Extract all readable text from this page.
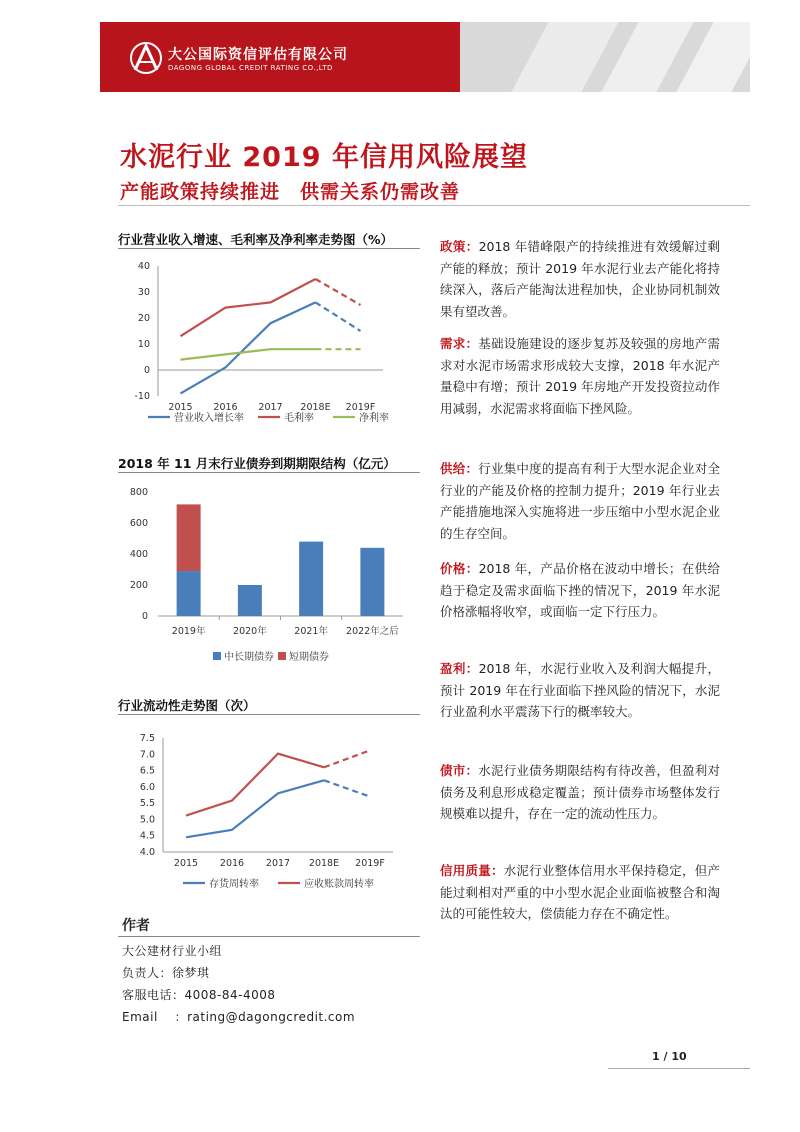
大公国际资信评估有限公司
DAGONG GLOBAL CREDIT RATING CO.,LTD
水泥行业 2019 年信用风险展望
产能政策持续推进　供需关系仍需改善
行业营业收入增速、毛利率及净利率走势图（%）
-10
0
10
20
30
40
2015 2016 2017 2018E 2019F
营业收入增长率	毛利率	净利率
2018 年 11 月末行业债券到期期限结构（亿元）
0
200
400
600
800
2019年	2020年	2021年 2022年之后
中长期债券 短期债券
行业流动性走势图（次）
4.0
4.5
5.0
5.5
6.0
6.5
7.0
7.5
2015 2016 2017 2018E 2019F
存货周转率	应收账款周转率
政策：2018 年错峰限产的持续推进有效缓解过剩产能的释放；预计 2019 年水泥行业去产能化将持续深入，落后产能淘汰进程加快，企业协同机制效果有望改善。
需求：基础设施建设的逐步复苏及较强的房地产需求对水泥市场需求形成较大支撑，2018 年水泥产量稳中有增；预计 2019 年房地产开发投资拉动作用减弱，水泥需求将面临下挫风险。
供给：行业集中度的提高有利于大型水泥企业对全行业的产能及价格的控制力提升；2019 年行业去产能措施地深入实施将进一步压缩中小型水泥企业的生存空间。
价格：2018 年，产品价格在波动中增长；在供给趋于稳定及需求面临下挫的情况下，2019 年水泥价格涨幅将收窄，或面临一定下行压力。
盈利：2018 年，水泥行业收入及利润大幅提升，预计 2019 年在行业面临下挫风险的情况下，水泥行业盈利水平震荡下行的概率较大。
债市：水泥行业债务期限结构有待改善，但盈利对债务及利息形成稳定覆盖；预计债券市场整体发行规模难以提升，存在一定的流动性压力。
信用质量：水泥行业整体信用水平保持稳定，但产能过剩相对严重的中小型水泥企业面临被整合和淘汰的可能性较大，偿债能力存在不确定性。
作者
大公建材行业小组
负责人：徐梦琪
客服电话：4008-84-4008
Email　 ：rating@dagongcredit.com
1 / 10
